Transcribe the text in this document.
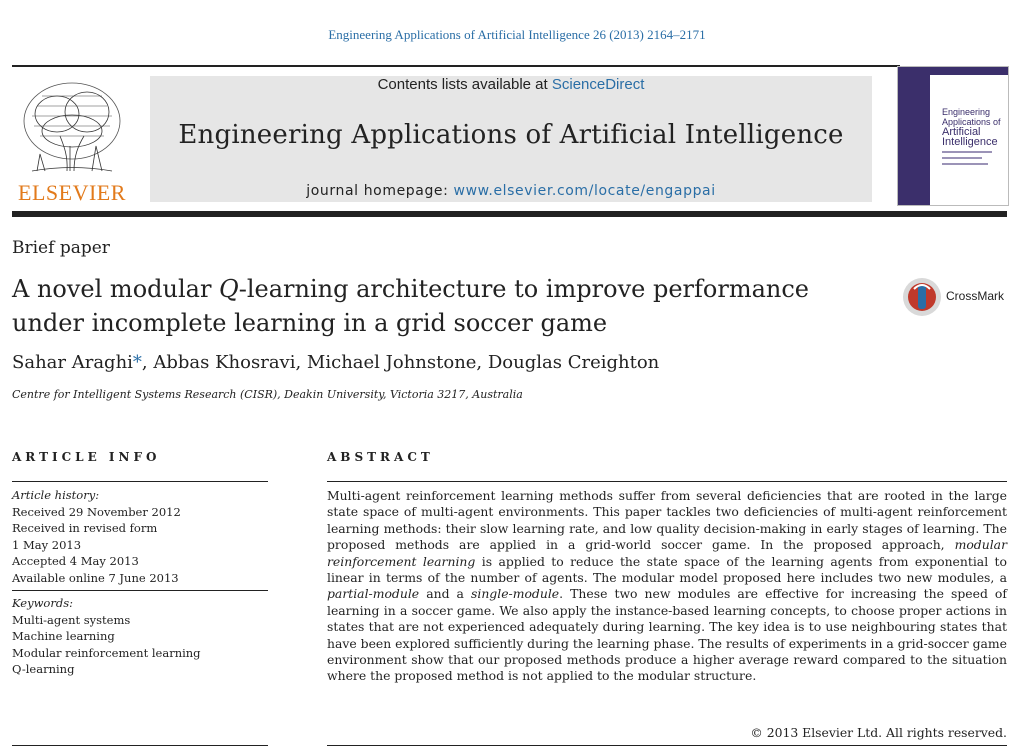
Engineering Applications of Artificial Intelligence 26 (2013) 2164–2171
ELSEVIER
Contents lists available at ScienceDirect
Engineering Applications of Artificial Intelligence
journal homepage: www.elsevier.com/locate/engappai
Engineering Applications of
Artificial Intelligence
Brief paper
A novel modular Q-learning architecture to improve performance under incomplete learning in a grid soccer game
CrossMark
Sahar Araghi*, Abbas Khosravi, Michael Johnstone, Douglas Creighton
Centre for Intelligent Systems Research (CISR), Deakin University, Victoria 3217, Australia
ARTICLE INFO
Article history:
Received 29 November 2012
Received in revised form
1 May 2013
Accepted 4 May 2013
Available online 7 June 2013
Keywords:
Multi-agent systems
Machine learning
Modular reinforcement learning
Q-learning
ABSTRACT
Multi-agent reinforcement learning methods suffer from several deficiencies that are rooted in the large state space of multi-agent environments. This paper tackles two deficiencies of multi-agent reinforcement learning methods: their slow learning rate, and low quality decision-making in early stages of learning. The proposed methods are applied in a grid-world soccer game. In the proposed approach, modular reinforcement learning is applied to reduce the state space of the learning agents from exponential to linear in terms of the number of agents. The modular model proposed here includes two new modules, a partial-module and a single-module. These two new modules are effective for increasing the speed of learning in a soccer game. We also apply the instance-based learning concepts, to choose proper actions in states that are not experienced adequately during learning. The key idea is to use neighbouring states that have been explored sufficiently during the learning phase. The results of experiments in a grid-soccer game environment show that our proposed methods produce a higher average reward compared to the situation where the proposed method is not applied to the modular structure.
© 2013 Elsevier Ltd. All rights reserved.
